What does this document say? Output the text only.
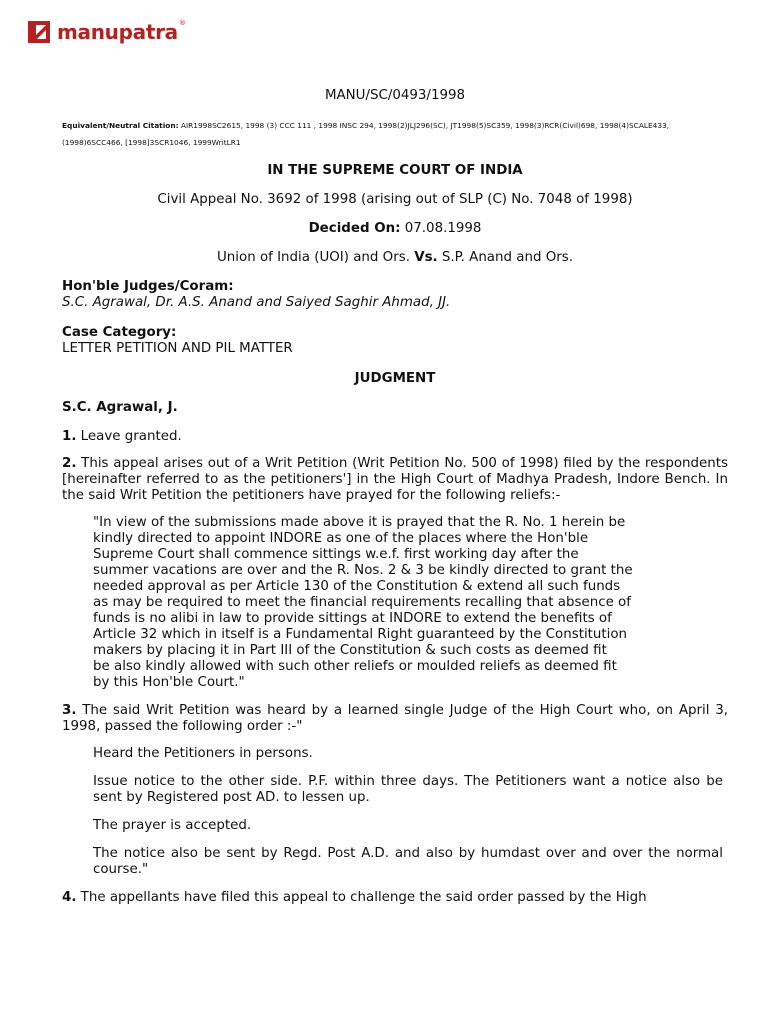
manupatra ®
MANU/SC/0493/1998
Equivalent/Neutral Citation: AIR1998SC2615, 1998 (3) CCC 111 , 1998 INSC 294, 1998(2)JLJ296(SC), JT1998(5)SC359, 1998(3)RCR(Civil)698, 1998(4)SCALE433, (1998)6SCC466, [1998]3SCR1046, 1999WritLR1
IN THE SUPREME COURT OF INDIA
Civil Appeal No. 3692 of 1998 (arising out of SLP (C) No. 7048 of 1998)
Decided On: 07.08.1998
Union of India (UOI) and Ors. Vs. S.P. Anand and Ors.
Hon'ble Judges/Coram:
S.C. Agrawal, Dr. A.S. Anand and Saiyed Saghir Ahmad, JJ.
Case Category:
LETTER PETITION AND PIL MATTER
JUDGMENT
S.C. Agrawal, J.

1. Leave granted.

2. This appeal arises out of a Writ Petition (Writ Petition No. 500 of 1998) filed by the respondents [hereinafter referred to as the petitioners'] in the High Court of Madhya Pradesh, Indore Bench. In the said Writ Petition the petitioners have prayed for the following reliefs:-

"In view of the submissions made above it is prayed that the R. No. 1 herein be
kindly directed to appoint INDORE as one of the places where the Hon'ble
Supreme Court shall commence sittings w.e.f. first working day after the
summer vacations are over and the R. Nos. 2 & 3 be kindly directed to grant the
needed approval as per Article 130 of the Constitution & extend all such funds
as may be required to meet the financial requirements recalling that absence of
funds is no alibi in law to provide sittings at INDORE to extend the benefits of
Article 32 which in itself is a Fundamental Right guaranteed by the Constitution
makers by placing it in Part III of the Constitution & such costs as deemed fit
be also kindly allowed with such other reliefs or moulded reliefs as deemed fit
by this Hon'ble Court."

3. The said Writ Petition was heard by a learned single Judge of the High Court who, on April 3, 1998, passed the following order :-"

Heard the Petitioners in persons.
Issue notice to the other side. P.F. within three days. The Petitioners want a notice also be sent by Registered post AD. to lessen up.
The prayer is accepted.
The notice also be sent by Regd. Post A.D. and also by humdast over and over the normal course."

4. The appellants have filed this appeal to challenge the said order passed by the High
